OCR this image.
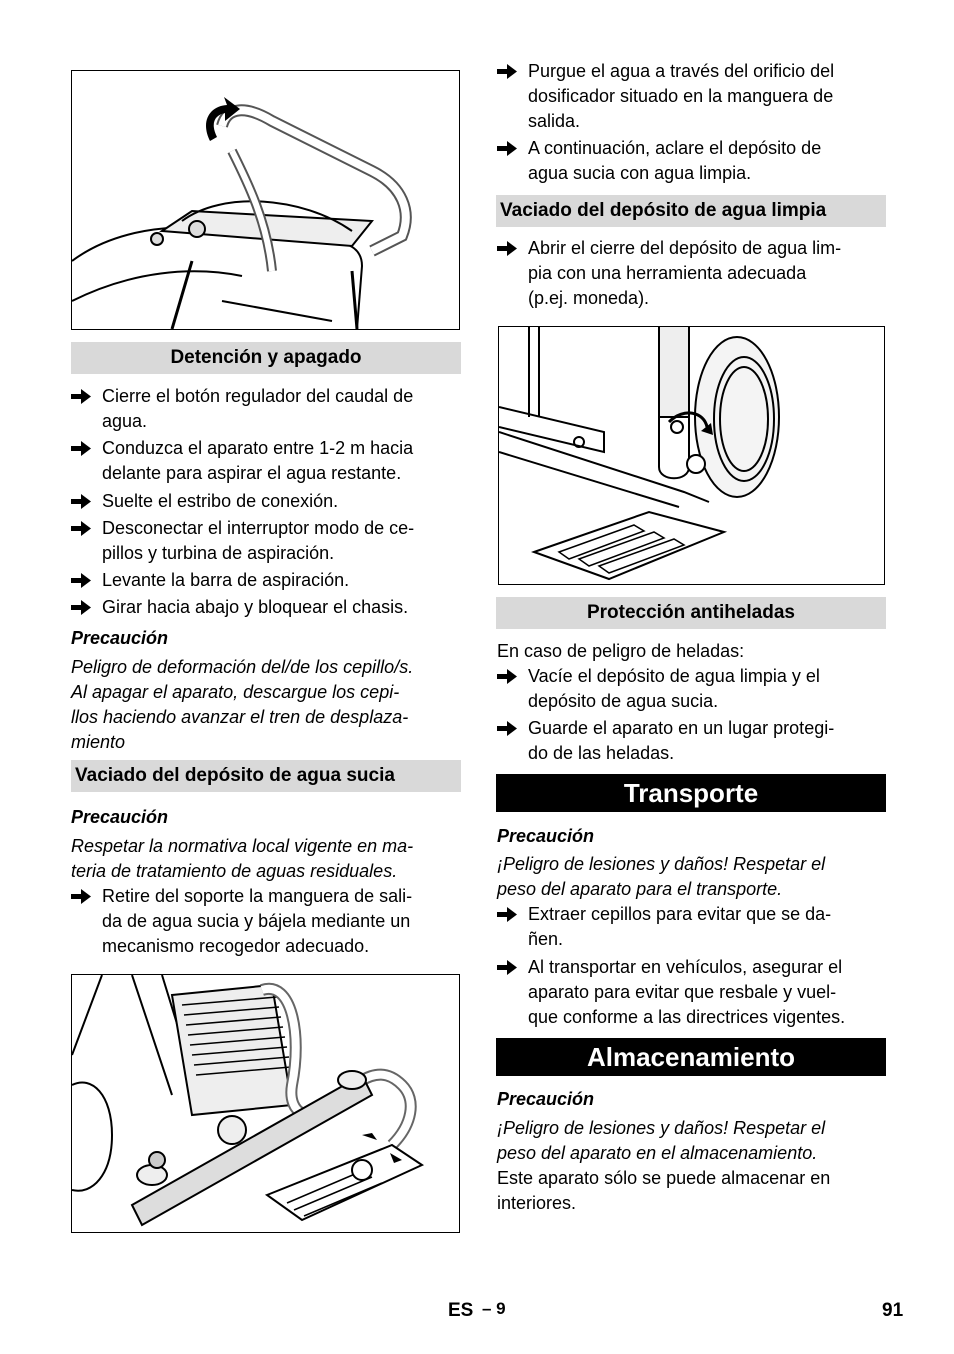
Detención y apagado
Cierre el botón regulador del caudal de
agua.
Conduzca el aparato entre 1-2 m hacia
delante para aspirar el agua restante.
Suelte el estribo de conexión.
Desconectar el interruptor modo de ce-
pillos y turbina de aspiración.
Levante la barra de aspiración.
Girar hacia abajo y bloquear el chasis.
Precaución
Peligro de deformación del/de los cepillo/s.
Al apagar el aparato, descargue los cepi-
llos haciendo avanzar el tren de desplaza-
miento
Vaciado del depósito de agua sucia
Precaución
Respetar la normativa local vigente en ma-
teria de tratamiento de aguas residuales.
Retire del soporte la manguera de sali-
da de agua sucia y bájela mediante un
mecanismo recogedor adecuado.
Purgue el agua a través del orificio del
dosificador situado en la manguera de
salida.
A continuación, aclare el depósito de
agua sucia con agua limpia.
Vaciado del depósito de agua limpia
Abrir el cierre del depósito de agua lim-
pia con una herramienta adecuada
(p.ej. moneda).
Protección antiheladas
En caso de peligro de heladas:
Vacíe el depósito de agua limpia y el
depósito de agua sucia.
Guarde el aparato en un lugar protegi-
do de las heladas.
Transporte
Precaución
¡Peligro de lesiones y daños! Respetar el
peso del aparato para el transporte.
Extraer cepillos para evitar que se da-
ñen.
Al transportar en vehículos, asegurar el
aparato para evitar que resbale y vuel-
que conforme a las directrices vigentes.
Almacenamiento
Precaución
¡Peligro de lesiones y daños! Respetar el
peso del aparato en el almacenamiento.
Este aparato sólo se puede almacenar en
interiores.
ES – 9	91
